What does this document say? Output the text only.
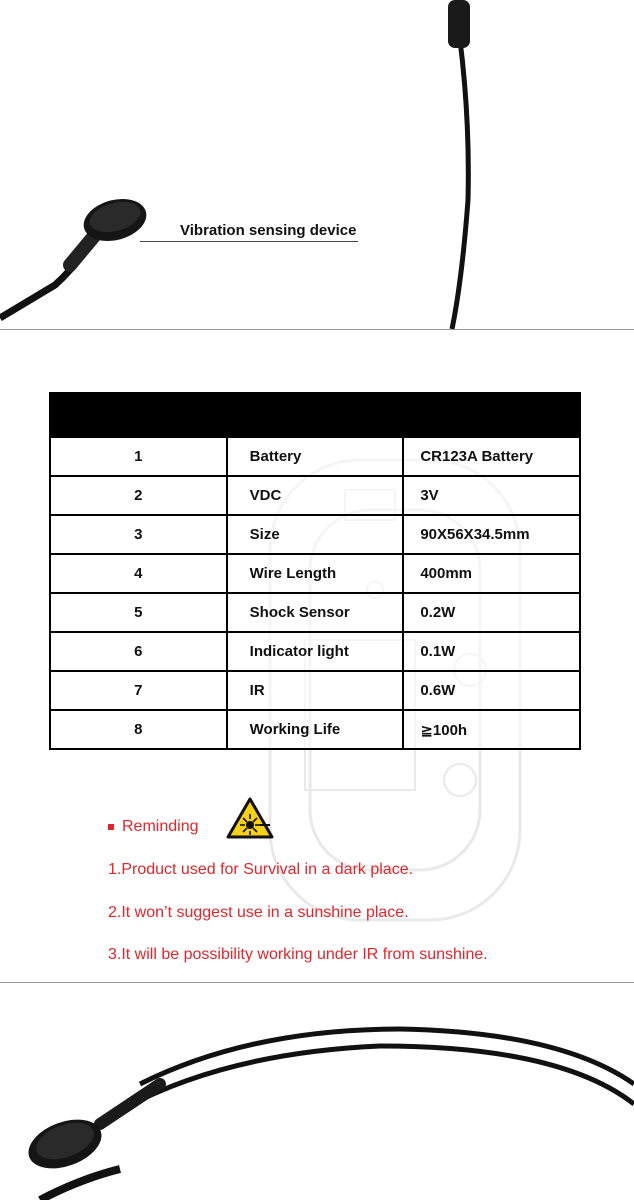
Vibration sensing device

1	Battery	CR123A Battery
2	VDC	3V
3	Size	90X56X34.5mm
4	Wire Length	400mm
5	Shock Sensor	0.2W
6	Indicator light	0.1W
7	IR	0.6W
8	Working Life	≧100h
Reminding
1.Product used for Survival in a dark place.
2.It won’t suggest use in a sunshine place.
3.It will be possibility working under IR from sunshine.
